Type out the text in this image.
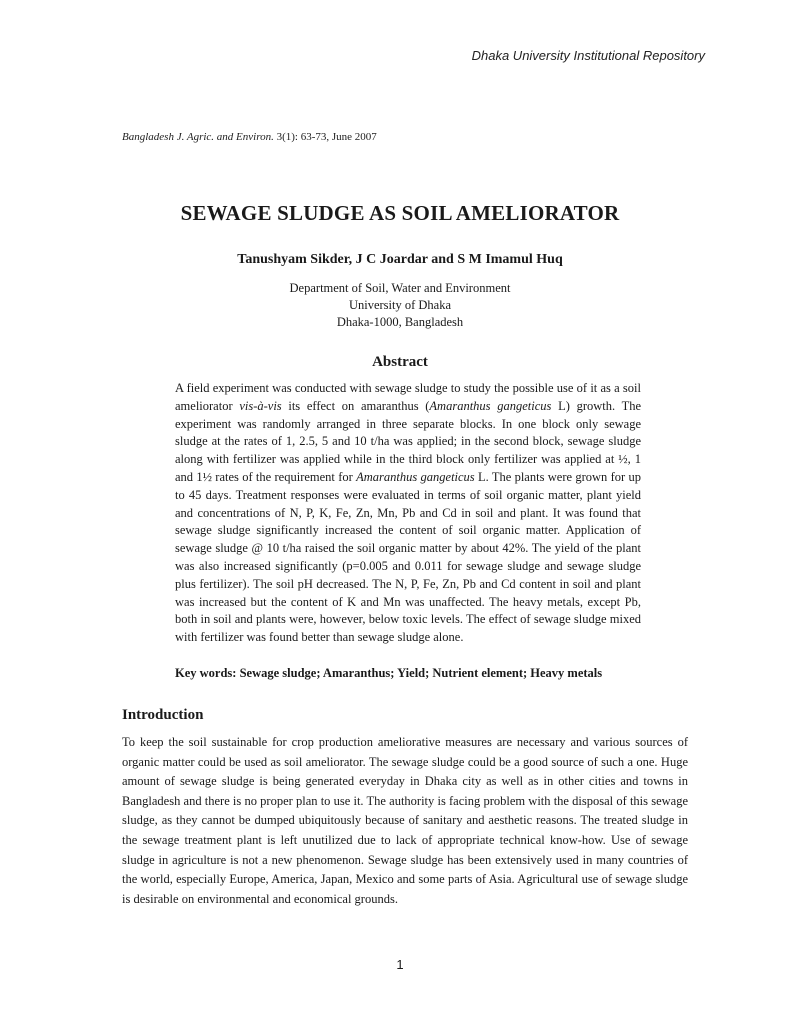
Dhaka University Institutional Repository
Bangladesh J. Agric. and Environ. 3(1): 63-73, June 2007
SEWAGE SLUDGE AS SOIL AMELIORATOR
Tanushyam Sikder, J C Joardar and S M Imamul Huq
Department of Soil, Water and Environment
University of Dhaka
Dhaka-1000, Bangladesh
Abstract
A field experiment was conducted with sewage sludge to study the possible use of it as a soil ameliorator vis-à-vis its effect on amaranthus (Amaranthus gangeticus L) growth. The experiment was randomly arranged in three separate blocks. In one block only sewage sludge at the rates of 1, 2.5, 5 and 10 t/ha was applied; in the second block, sewage sludge along with fertilizer was applied while in the third block only fertilizer was applied at ½, 1 and 1½ rates of the requirement for Amaranthus gangeticus L. The plants were grown for up to 45 days. Treatment responses were evaluated in terms of soil organic matter, plant yield and concentrations of N, P, K, Fe, Zn, Mn, Pb and Cd in soil and plant. It was found that sewage sludge significantly increased the content of soil organic matter. Application of sewage sludge @ 10 t/ha raised the soil organic matter by about 42%. The yield of the plant was also increased significantly (p=0.005 and 0.011 for sewage sludge and sewage sludge plus fertilizer). The soil pH decreased. The N, P, Fe, Zn, Pb and Cd content in soil and plant was increased but the content of K and Mn was unaffected. The heavy metals, except Pb, both in soil and plants were, however, below toxic levels. The effect of sewage sludge mixed with fertilizer was found better than sewage sludge alone.
Key words: Sewage sludge; Amaranthus; Yield; Nutrient element; Heavy metals
Introduction
To keep the soil sustainable for crop production ameliorative measures are necessary and various sources of organic matter could be used as soil ameliorator. The sewage sludge could be a good source of such a one. Huge amount of sewage sludge is being generated everyday in Dhaka city as well as in other cities and towns in Bangladesh and there is no proper plan to use it. The authority is facing problem with the disposal of this sewage sludge, as they cannot be dumped ubiquitously because of sanitary and aesthetic reasons. The treated sludge in the sewage treatment plant is left unutilized due to lack of appropriate technical know-how. Use of sewage sludge in agriculture is not a new phenomenon. Sewage sludge has been extensively used in many countries of the world, especially Europe, America, Japan, Mexico and some parts of Asia. Agricultural use of sewage sludge is desirable on environmental and economical grounds.
1
